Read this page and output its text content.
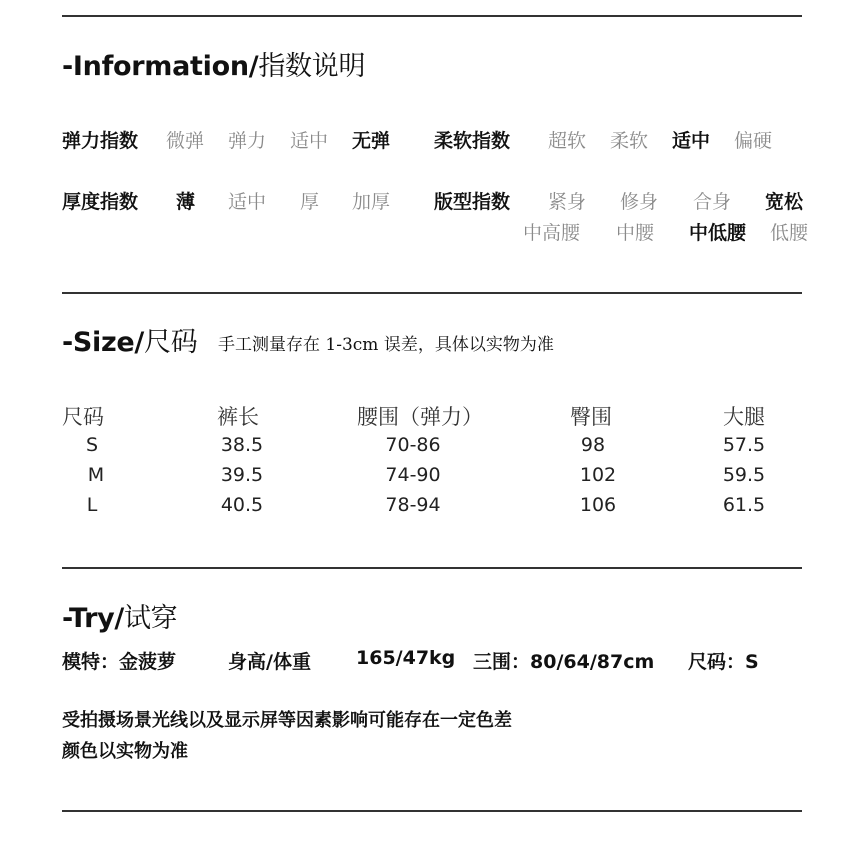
-Information/指数说明
弹力指数 微弹 弹力 适中 无弹 柔软指数 超软 柔软 适中 偏硬
厚度指数 薄 适中 厚 加厚 版型指数 紧身 修身 合身 宽松
中高腰 中腰 中低腰 低腰
-Size/尺码 手工测量存在 1-3cm 误差，具体以实物为准
尺码	裤长	腰围（弹力）	臀围	大腿
S	38.5	70-86	98	57.5
M	39.5	74-90	102	59.5
L	40.5	78-94	106	61.5
-Try/试穿
模特：金菠萝	身高/体重 165/47kg 三围：80/64/87cm 尺码：S
受拍摄场景光线以及显示屏等因素影响可能存在一定色差
颜色以实物为准
